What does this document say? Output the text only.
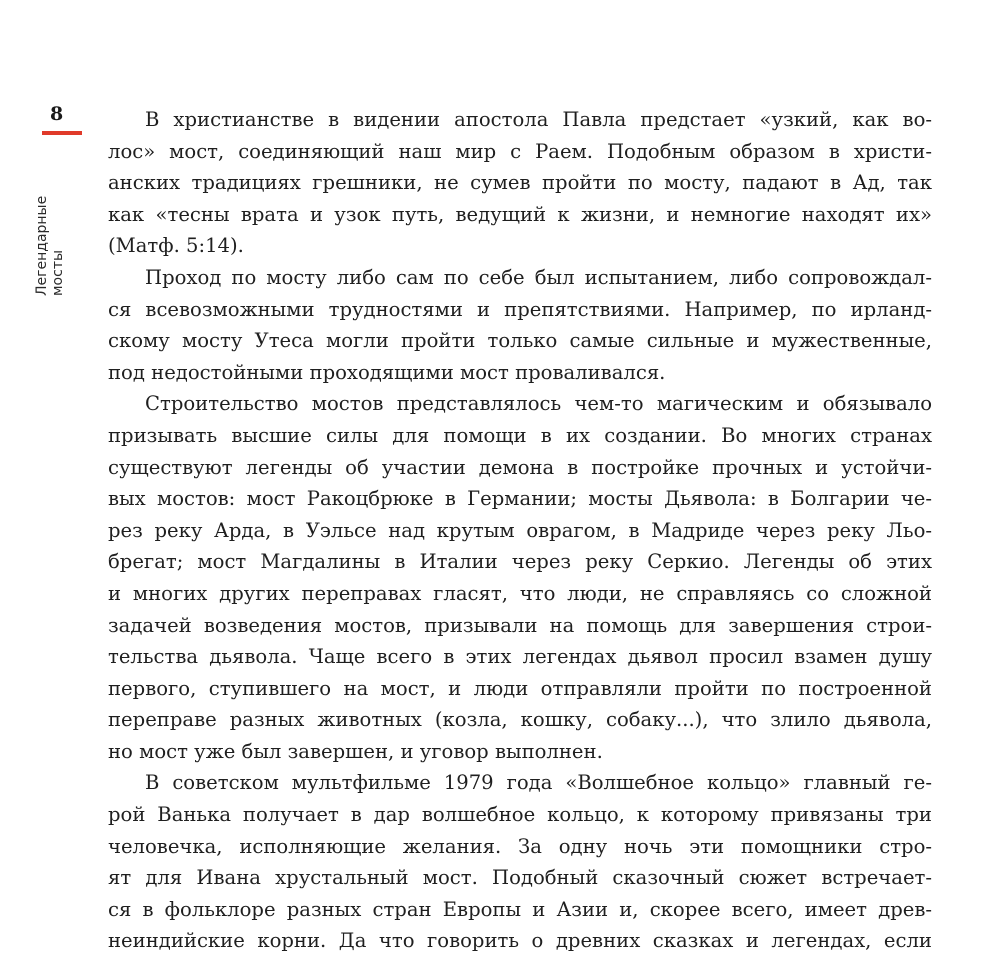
8
Легендарные мосты
В христианстве в видении апостола Павла предстает «узкий, как во-
лос» мост, соединяющий наш мир с Раем. Подобным образом в христи-
анских традициях грешники, не сумев пройти по мосту, падают в Ад, так
как «тесны врата и узок путь, ведущий к жизни, и немногие находят их»
(Матф. 5:14).
Проход по мосту либо сам по себе был испытанием, либо сопровождал-
ся всевозможными трудностями и препятствиями. Например, по ирланд-
скому мосту Утеса могли пройти только самые сильные и мужественные,
под недостойными проходящими мост проваливался.
Строительство мостов представлялось чем-то магическим и обязывало
призывать высшие силы для помощи в их создании. Во многих странах
существуют легенды об участии демона в постройке прочных и устойчи-
вых мостов: мост Ракоцбрюке в Германии; мосты Дьявола: в Болгарии че-
рез реку Арда, в Уэльсе над крутым оврагом, в Мадриде через реку Льо-
брегат; мост Магдалины в Италии через реку Серкио. Легенды об этих
и многих других переправах гласят, что люди, не справляясь со сложной
задачей возведения мостов, призывали на помощь для завершения строи-
тельства дьявола. Чаще всего в этих легендах дьявол просил взамен душу
первого, ступившего на мост, и люди отправляли пройти по построенной
переправе разных животных (козла, кошку, собаку...), что злило дьявола,
но мост уже был завершен, и уговор выполнен.
В советском мультфильме 1979 года «Волшебное кольцо» главный ге-
рой Ванька получает в дар волшебное кольцо, к которому привязаны три
человечка, исполняющие желания. За одну ночь эти помощники стро-
ят для Ивана хрустальный мост. Подобный сказочный сюжет встречает-
ся в фольклоре разных стран Европы и Азии и, скорее всего, имеет древ-
неиндийские корни. Да что говорить о древних сказках и легендах, если
